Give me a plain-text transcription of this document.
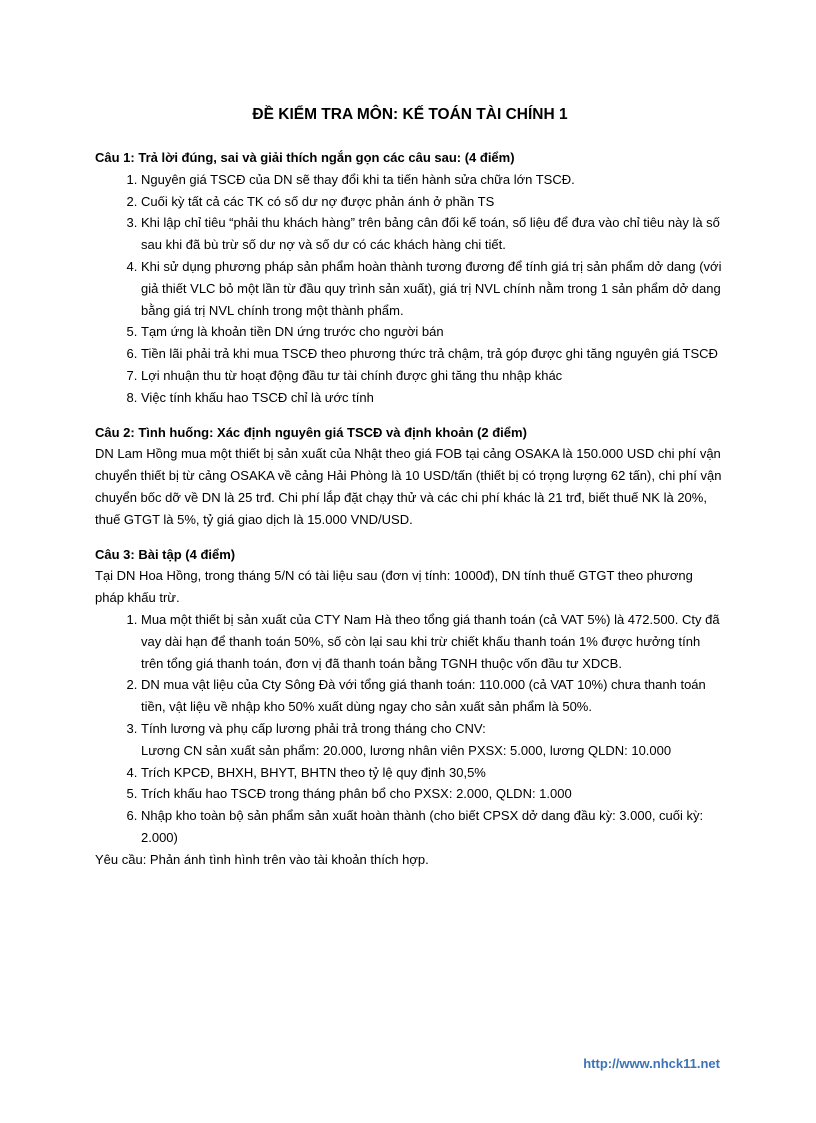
ĐỀ KIỂM TRA MÔN: KẾ TOÁN TÀI CHÍNH 1

Câu 1: Trả lời đúng, sai và giải thích ngắn gọn các câu sau: (4 điểm)

1. Nguyên giá TSCĐ của DN sẽ thay đổi khi ta tiến hành sửa chữa lớn TSCĐ.
2. Cuối kỳ tất cả các TK có số dư nợ được phản ánh ở phần TS
3. Khi lập chỉ tiêu “phải thu khách hàng” trên bảng cân đối kế toán, số liệu để đưa vào chỉ tiêu này là số sau khi đã bù trừ số dư nợ và số dư có các khách hàng chi tiết.
4. Khi sử dụng phương pháp sản phẩm hoàn thành tương đương để tính giá trị sản phẩm dở dang (với giả thiết VLC bỏ một lần từ đầu quy trình sản xuất), giá trị NVL chính nằm trong 1 sản phẩm dở dang bằng giá trị NVL chính trong một thành phẩm.
5. Tạm ứng là khoản tiền DN ứng trước cho người bán
6. Tiền lãi phải trả khi mua TSCĐ theo phương thức trả chậm, trả góp được ghi tăng nguyên giá TSCĐ
7. Lợi nhuận thu từ hoạt động đầu tư tài chính được ghi tăng thu nhập khác
8. Việc tính khấu hao TSCĐ chỉ là ước tính

Câu 2: Tình huống: Xác định nguyên giá TSCĐ và định khoản (2 điểm)

DN Lam Hồng mua một thiết bị sản xuất của Nhật theo giá FOB tại cảng OSAKA là 150.000 USD chi phí vận chuyển thiết bị từ cảng OSAKA về cảng Hải Phòng là 10 USD/tấn (thiết bị có trọng lượng 62 tấn), chi phí vận chuyển bốc dỡ về DN là 25 trđ. Chi phí lắp đặt chạy thử và các chi phí khác là 21 trđ, biết thuế NK là 20%, thuế GTGT là 5%, tỷ giá giao dịch là 15.000 VND/USD.

Câu 3: Bài tập (4 điểm)

Tại DN Hoa Hồng, trong tháng 5/N có tài liệu sau (đơn vị tính: 1000đ), DN tính thuế GTGT theo phương pháp khấu trừ.

1. Mua một thiết bị sản xuất của CTY Nam Hà theo tổng giá thanh toán (cả VAT 5%) là 472.500. Cty đã vay dài hạn để thanh toán 50%, số còn lại sau khi trừ chiết khấu thanh toán 1% được hưởng tính trên tổng giá thanh toán, đơn vị đã thanh toán bằng TGNH thuộc vốn đầu tư XDCB.
2. DN mua vật liệu của Cty Sông Đà với tổng giá thanh toán: 110.000 (cả VAT 10%) chưa thanh toán tiền, vật liệu về nhập kho 50% xuất dùng ngay cho sản xuất sản phẩm là 50%.
3. Tính lương và phụ cấp lương phải trả trong tháng cho CNV:
Lương CN sản xuất sản phẩm: 20.000, lương nhân viên PXSX: 5.000, lương QLDN: 10.000
4. Trích KPCĐ, BHXH, BHYT, BHTN theo tỷ lệ quy định 30,5%
5. Trích khấu hao TSCĐ trong tháng phân bổ cho PXSX: 2.000, QLDN: 1.000
6. Nhập kho toàn bộ sản phẩm sản xuất hoàn thành (cho biết CPSX dở dang đầu kỳ: 3.000, cuối kỳ: 2.000)

Yêu cầu: Phản ánh tình hình trên vào tài khoản thích hợp.

http://www.nhck11.net
